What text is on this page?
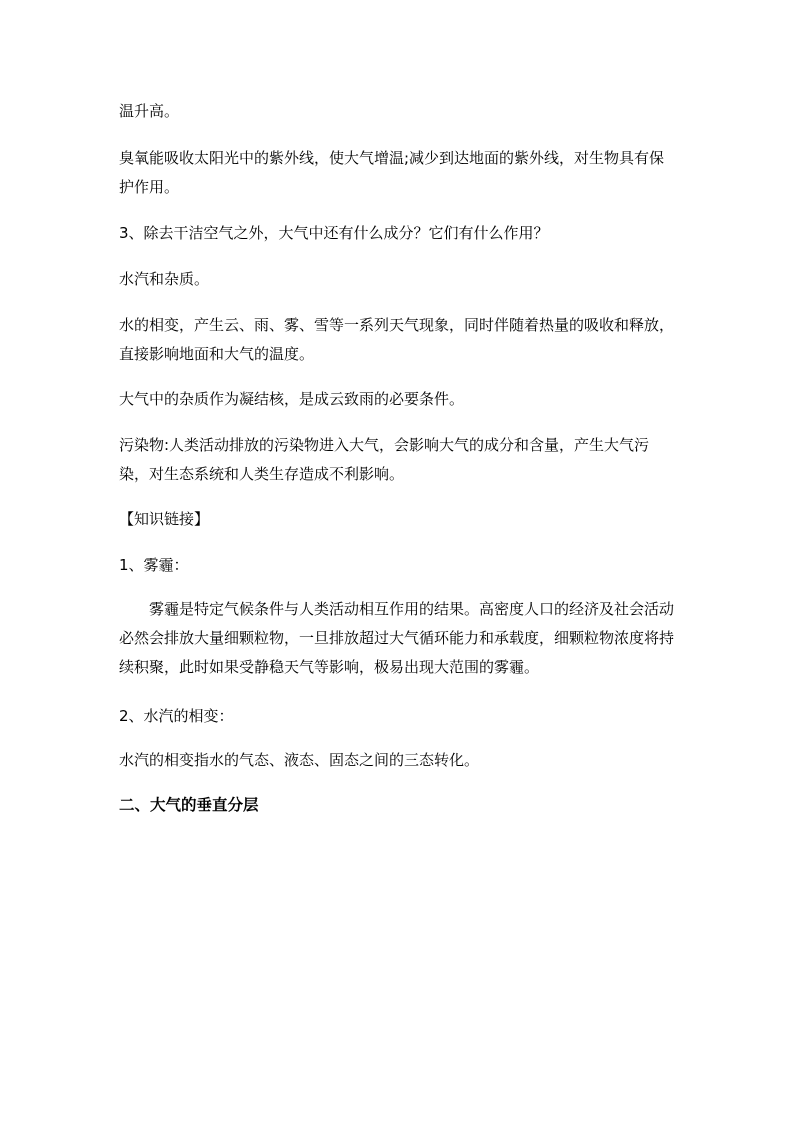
温升高。

臭氧能吸收太阳光中的紫外线，使大气增温;减少到达地面的紫外线，对生物具有保护作用。

3、除去干洁空气之外，大气中还有什么成分？它们有什么作用？

水汽和杂质。

水的相变，产生云、雨、雾、雪等一系列天气现象，同时伴随着热量的吸收和释放，直接影响地面和大气的温度。

大气中的杂质作为凝结核，是成云致雨的必要条件。

污染物:人类活动排放的污染物进入大气，会影响大气的成分和含量，产生大气污染，对生态系统和人类生存造成不利影响。

【知识链接】

1、雾霾：

雾霾是特定气候条件与人类活动相互作用的结果。高密度人口的经济及社会活动必然会排放大量细颗粒物，一旦排放超过大气循环能力和承载度，细颗粒物浓度将持续积聚，此时如果受静稳天气等影响，极易出现大范围的雾霾。

2、水汽的相变：

水汽的相变指水的气态、液态、固态之间的三态转化。

二、大气的垂直分层
